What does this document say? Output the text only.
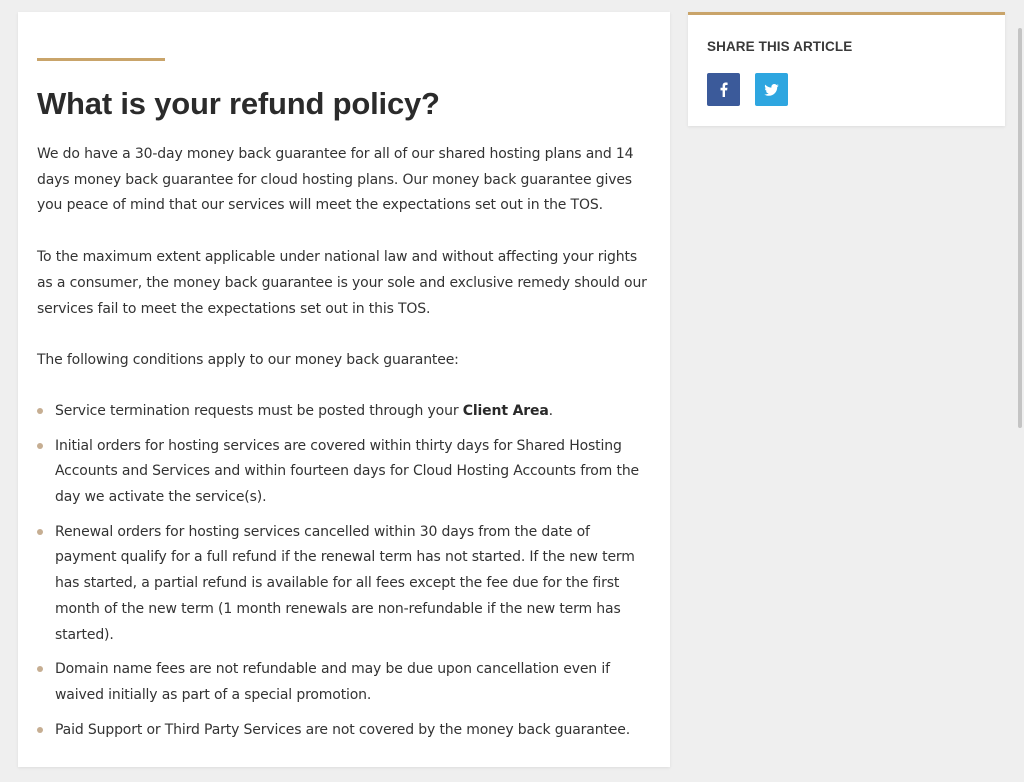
What is your refund policy?

We do have a 30-day money back guarantee for all of our shared hosting plans and 14 days money back guarantee for cloud hosting plans. Our money back guarantee gives you peace of mind that our services will meet the expectations set out in the TOS.

To the maximum extent applicable under national law and without affecting your rights as a consumer, the money back guarantee is your sole and exclusive remedy should our services fail to meet the expectations set out in this TOS.

The following conditions apply to our money back guarantee:

Service termination requests must be posted through your Client Area.
Initial orders for hosting services are covered within thirty days for Shared Hosting Accounts and Services and within fourteen days for Cloud Hosting Accounts from the day we activate the service(s).
Renewal orders for hosting services cancelled within 30 days from the date of payment qualify for a full refund if the renewal term has not started. If the new term has started, a partial refund is available for all fees except the fee due for the first month of the new term (1 month renewals are non-refundable if the new term has started).
Domain name fees are not refundable and may be due upon cancellation even if waived initially as part of a special promotion.
Paid Support or Third Party Services are not covered by the money back guarantee.
SHARE THIS ARTICLE
